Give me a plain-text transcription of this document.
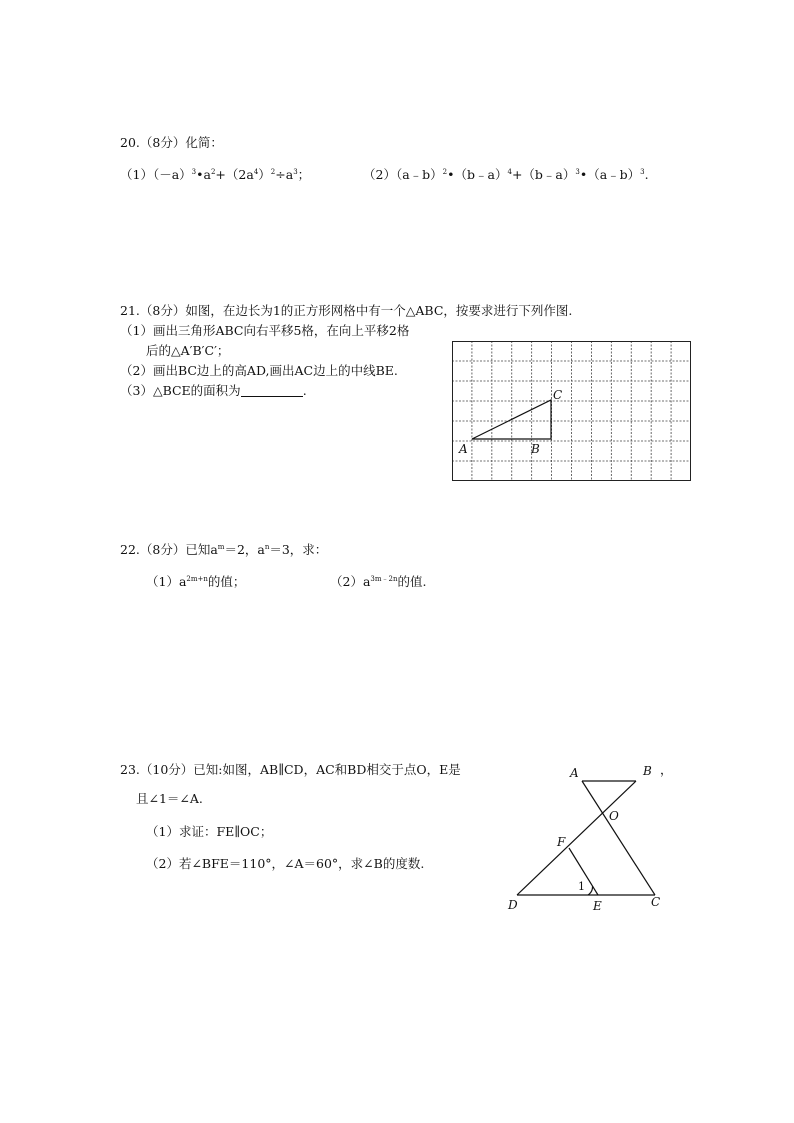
20.（8分）化简：
$(1)(-a)^3•a^2+(2a^4)^2\div a^3$；	（2）（a﹣b）$^2$•（b﹣a）$^4$+（b﹣a）$^3$•（a﹣b）$^3$.
21.（8分）如图，在边长为1的正方形网格中有一个△ABC，按要求进行下列作图.
（1）画出三角形ABC向右平移5格，在向上平移2格
后的△A′B′C′；
（2）画出BC边上的高AD,画出AC边上的中线BE.
（3）△BCE的面积为	.
A	B
C
22.（8分）已知$a^m=2$，$a^n=3$，求：
$(1)a^{2m+n}$的值；	$(2)a^{3m﹣2n}$的值.
23.（10分）已知:如图，AB∥CD，AC和BD相交于点O，E是	，
且∠1＝∠A.
（1）求证：FE∥OC；
（2）若∠BFE＝110°，∠A＝60°，求∠B的度数.
A	B
O
F
D	E	C
1
